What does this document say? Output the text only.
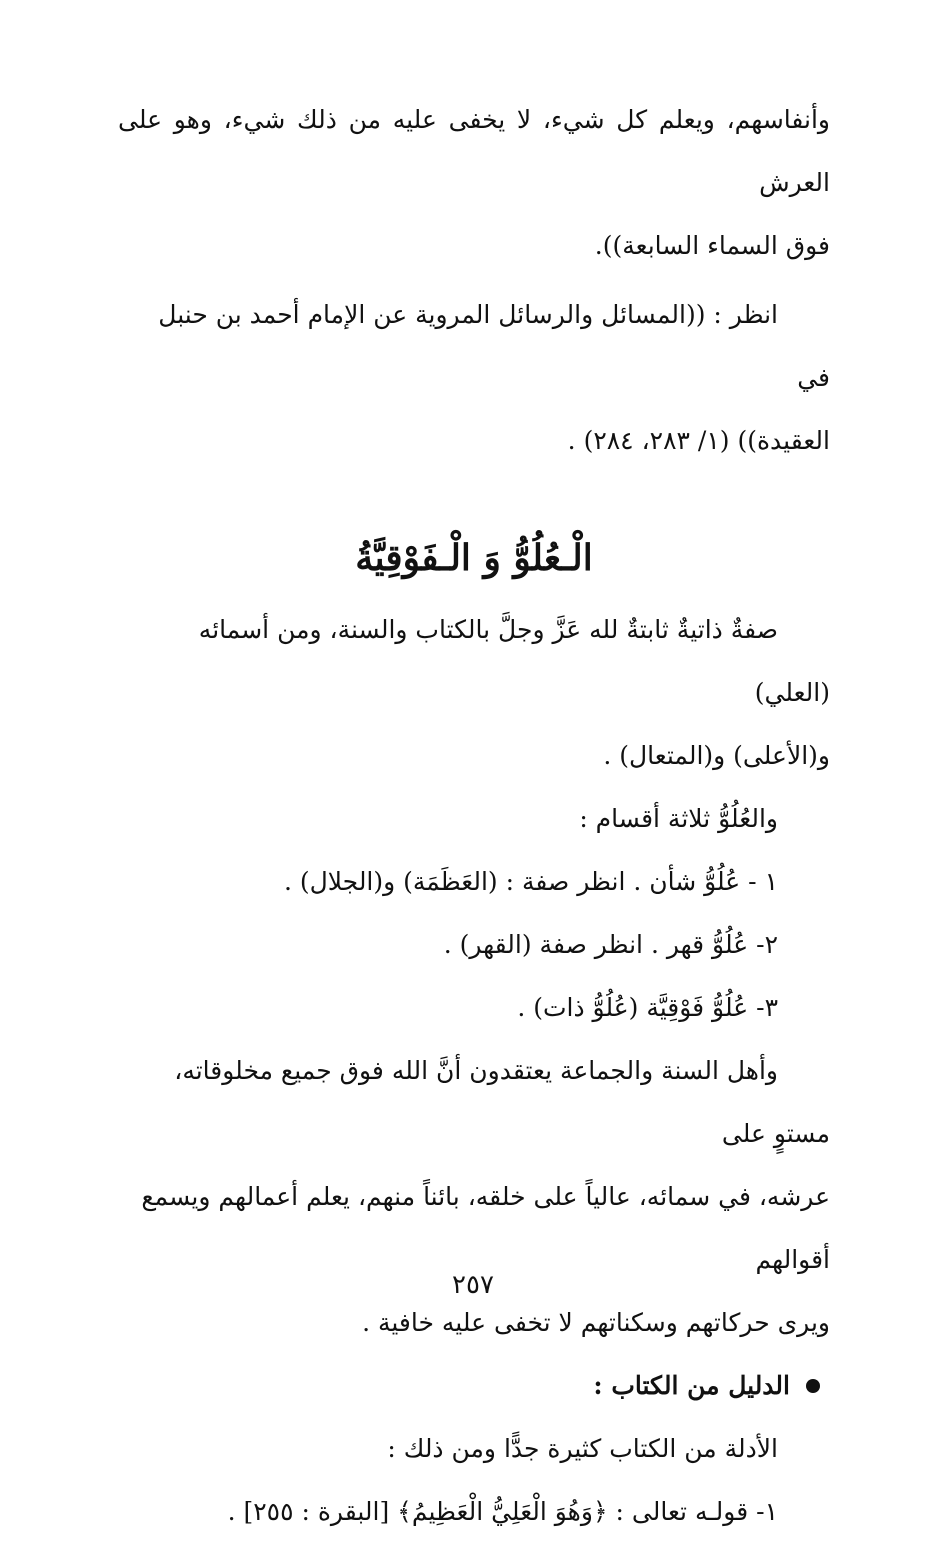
وأنفاسهم، ويعلم كل شيء، لا يخفى عليه من ذلك شيء، وهو على العرش

فوق السماء السابعة)).

انظر : ((المسائل والرسائل المروية عن الإمام أحمد بن حنبل في

العقيدة)) (١/ ٢٨٣، ٢٨٤) .

الْـعُلُوُّ وَ الْـفَوْقِيَّةُ

صفةٌ ذاتيةٌ ثابتةٌ لله عَزَّ وجلَّ بالكتاب والسنة، ومن أسمائه (العلي)

و(الأعلى) و(المتعال) .

والعُلُوُّ ثلاثة أقسام :

١ - عُلُوُّ شأن . انظر صفة : (العَظَمَة) و(الجلال) .

٢- عُلُوُّ قهر . انظر صفة (القهر) .

٣- عُلُوُّ فَوْقِيَّة (عُلُوُّ ذات) .

وأهل السنة والجماعة يعتقدون أنَّ الله فوق جميع مخلوقاته، مستوٍ على

عرشه، في سمائه، عالياً على خلقه، بائناً منهم، يعلم أعمالهم ويسمع أقوالهم

ويرى حركاتهم وسكناتهم لا تخفى عليه خافية .

الدليل من الكتاب :

الأدلة من الكتاب كثيرة جدًّا ومن ذلك :

١- قولـه تعالى : ﴿وَهُوَ الْعَلِيُّ الْعَظِيمُ﴾ [البقرة : ٢٥٥] .

٢٥٧
